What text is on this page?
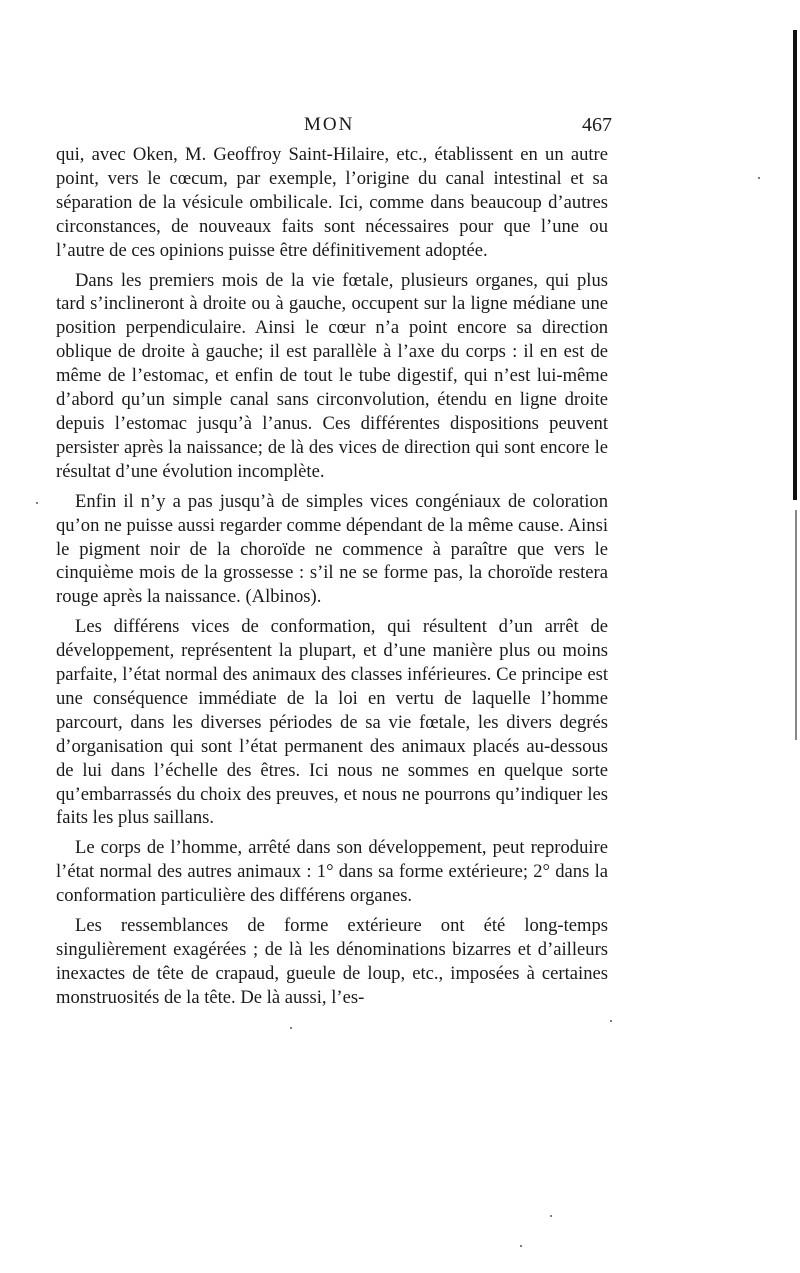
MON	467

qui, avec Oken, M. Geoffroy Saint-Hilaire, etc., établissent en un autre point, vers le cœcum, par exemple, l’origine du canal intestinal et sa séparation de la vésicule ombilicale. Ici, comme dans beaucoup d’autres circonstances, de nouveaux faits sont nécessaires pour que l’une ou l’autre de ces opinions puisse être définitivement adoptée.

Dans les premiers mois de la vie fœtale, plusieurs organes, qui plus tard s’inclineront à droite ou à gauche, occupent sur la ligne médiane une position perpendiculaire. Ainsi le cœur n’a point encore sa direction oblique de droite à gauche; il est parallèle à l’axe du corps : il en est de même de l’estomac, et enfin de tout le tube digestif, qui n’est lui-même d’abord qu’un simple canal sans circonvolution, étendu en ligne droite depuis l’estomac jusqu’à l’anus. Ces différentes dispositions peuvent persister après la naissance; de là des vices de direction qui sont encore le résultat d’une évolution incomplète.

Enfin il n’y a pas jusqu’à de simples vices congéniaux de coloration qu’on ne puisse aussi regarder comme dépendant de la même cause. Ainsi le pigment noir de la choroïde ne commence à paraître que vers le cinquième mois de la grossesse : s’il ne se forme pas, la choroïde restera rouge après la naissance. (Albinos).

Les différens vices de conformation, qui résultent d’un arrêt de développement, représentent la plupart, et d’une manière plus ou moins parfaite, l’état normal des animaux des classes inférieures. Ce principe est une conséquence immédiate de la loi en vertu de laquelle l’homme parcourt, dans les diverses périodes de sa vie fœtale, les divers degrés d’organisation qui sont l’état permanent des animaux placés au-dessous de lui dans l’échelle des êtres. Ici nous ne sommes en quelque sorte qu’embarrassés du choix des preuves, et nous ne pourrons qu’indiquer les faits les plus saillans.

Le corps de l’homme, arrêté dans son développement, peut reproduire l’état normal des autres animaux : 1° dans sa forme extérieure; 2° dans la conformation particulière des différens organes.

Les ressemblances de forme extérieure ont été long-temps singulièrement exagérées ; de là les dénominations bizarres et d’ailleurs inexactes de tête de crapaud, gueule de loup, etc., imposées à certaines monstruosités de la tête. De là aussi, l’es-
